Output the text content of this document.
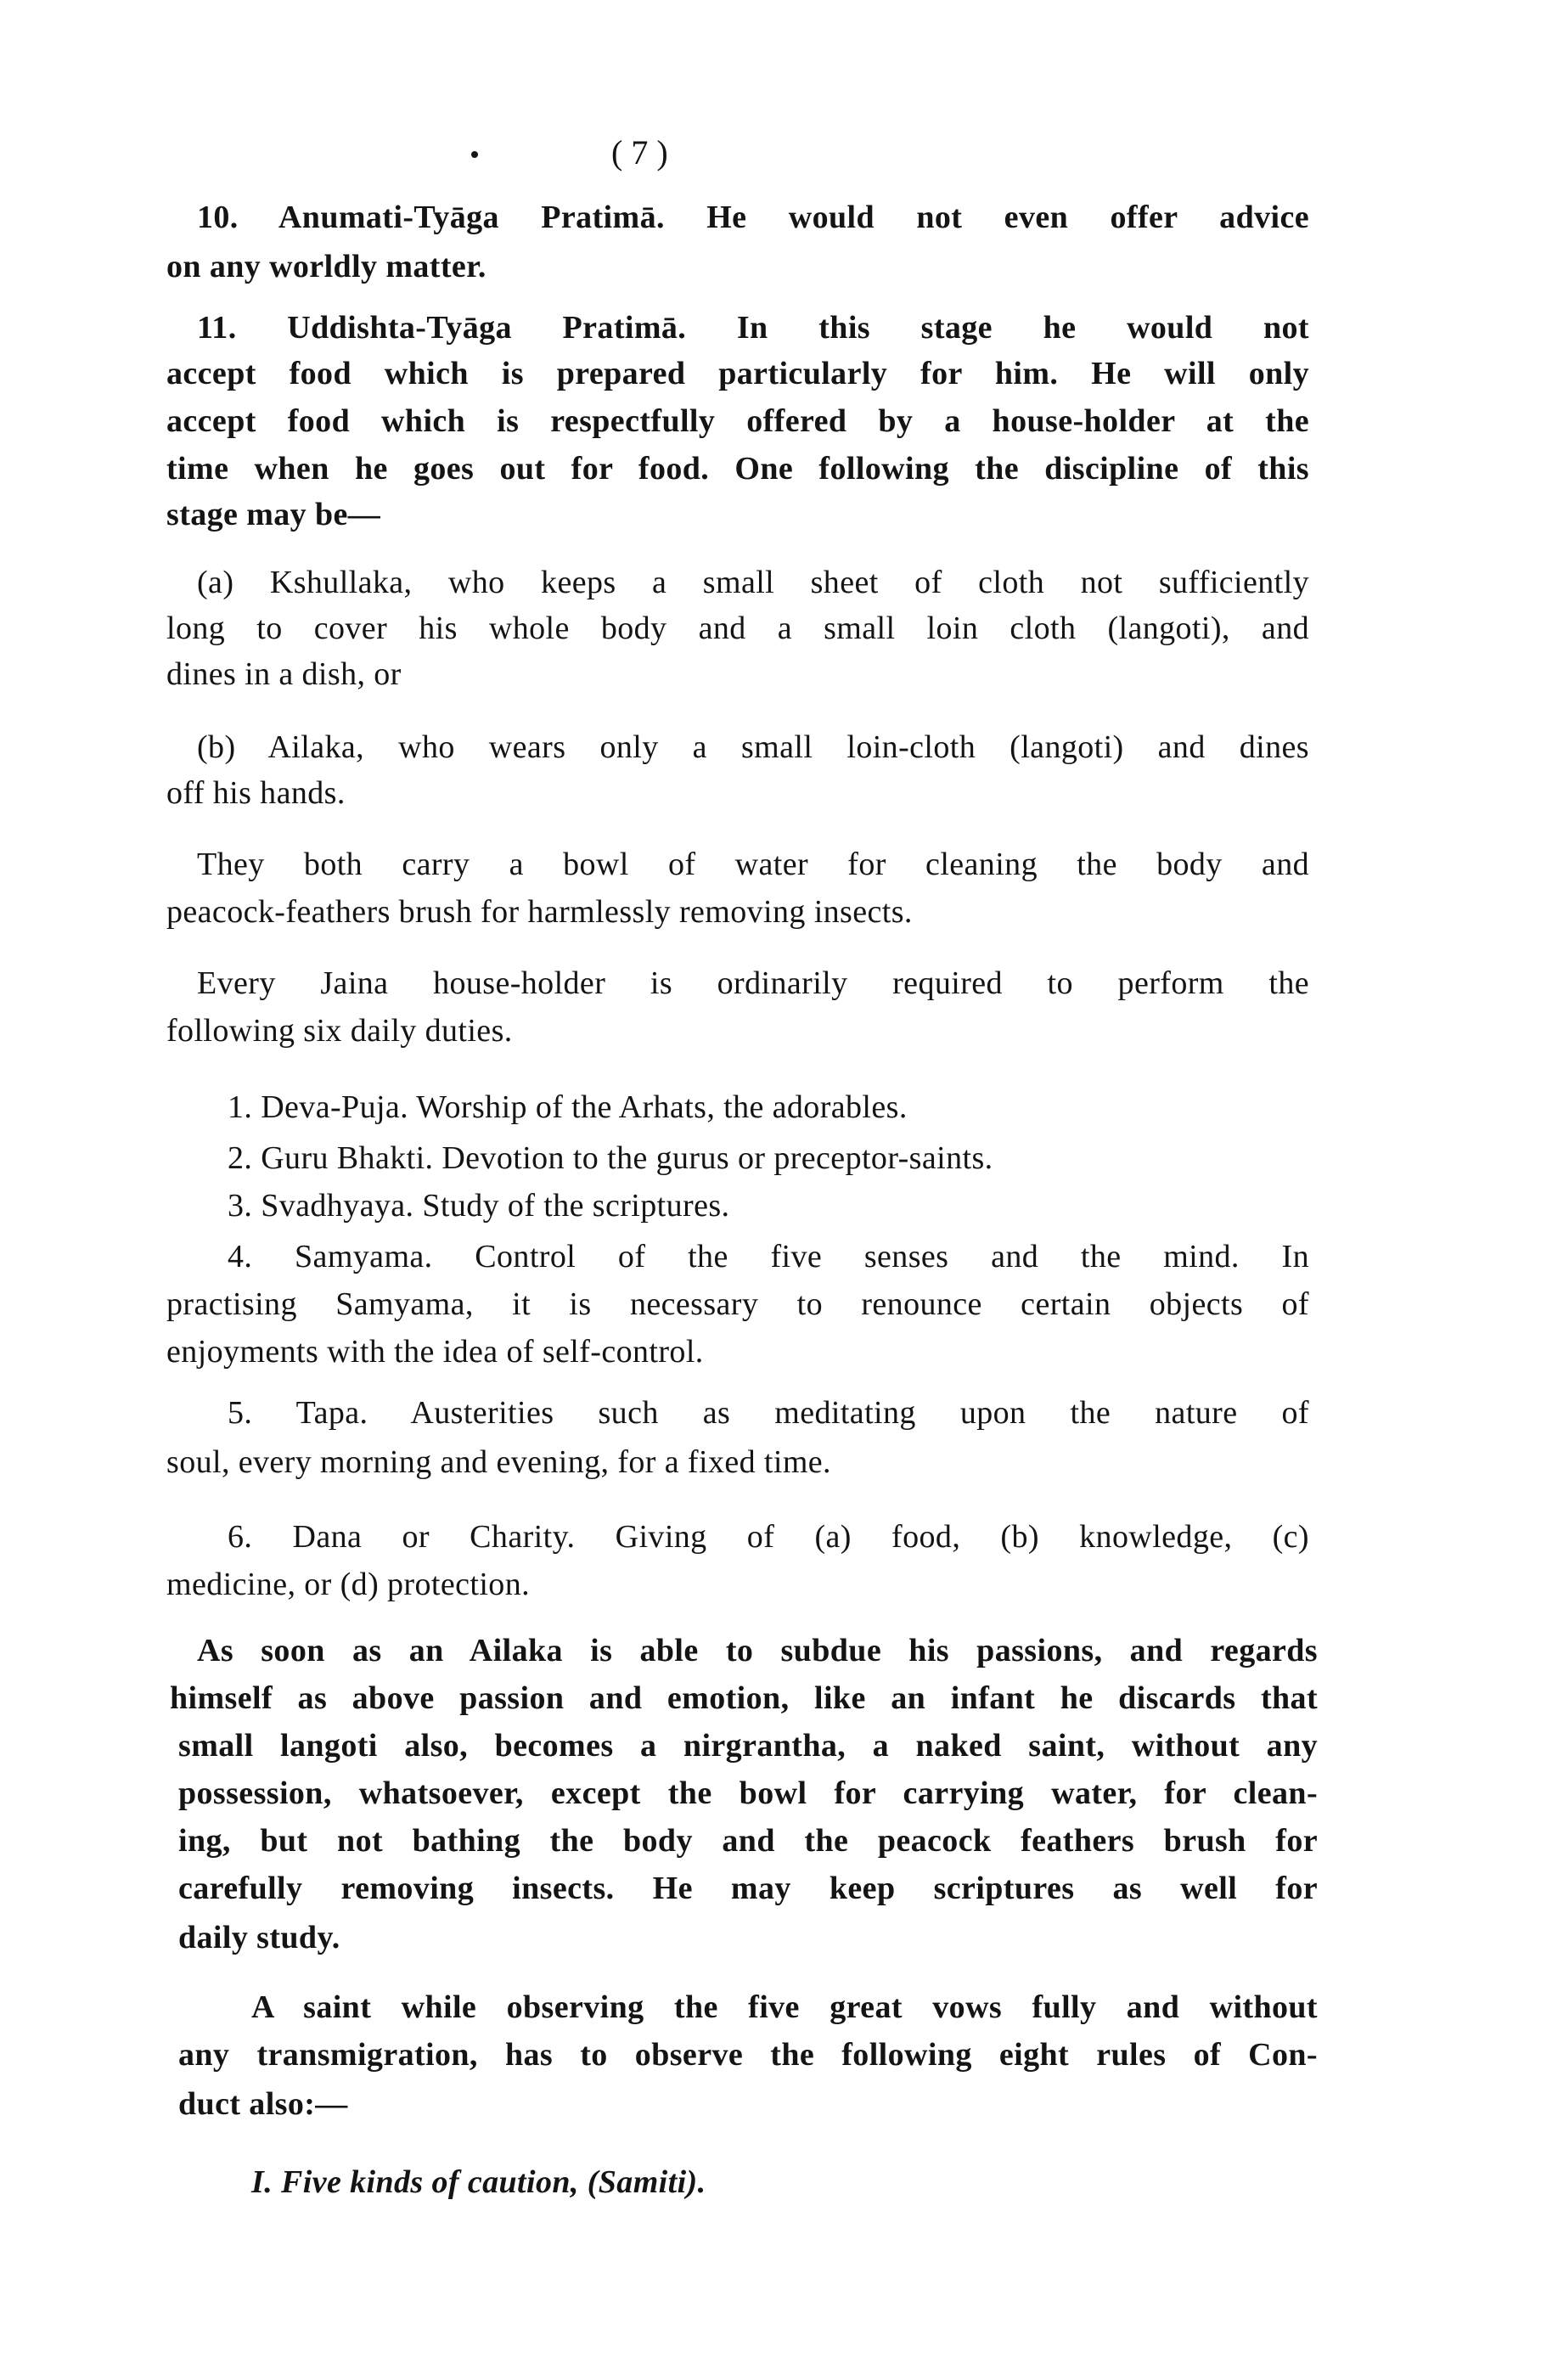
( 7 )
10. Anumati-Tyāga Pratimā. He would not even offer advice
on any worldly matter.
11. Uddishta-Tyāga Pratimā. In this stage he would not
accept food which is prepared particularly for him. He will only
accept food which is respectfully offered by a house-holder at the
time when he goes out for food. One following the discipline of this
stage may be—
(a) Kshullaka, who keeps a small sheet of cloth not sufficiently
long to cover his whole body and a small loin cloth (langoti), and
dines in a dish, or
(b) Ailaka, who wears only a small loin-cloth (langoti) and dines
off his hands.
They both carry a bowl of water for cleaning the body and
peacock-feathers brush for harmlessly removing insects.
Every Jaina house-holder is ordinarily required to perform the
following six daily duties.
1. Deva-Puja. Worship of the Arhats, the adorables.
2. Guru Bhakti. Devotion to the gurus or preceptor-saints.
3. Svadhyaya. Study of the scriptures.
4. Samyama. Control of the five senses and the mind. In
practising Samyama, it is necessary to renounce certain objects of
enjoyments with the idea of self-control.
5. Tapa. Austerities such as meditating upon the nature of
soul, every morning and evening, for a fixed time.
6. Dana or Charity. Giving of (a) food, (b) knowledge, (c)
medicine, or (d) protection.
As soon as an Ailaka is able to subdue his passions, and regards
himself as above passion and emotion, like an infant he discards that
small langoti also, becomes a nirgrantha, a naked saint, without any
possession, whatsoever, except the bowl for carrying water, for clean-
ing, but not bathing the body and the peacock feathers brush for
carefully removing insects. He may keep scriptures as well for
daily study.
A saint while observing the five great vows fully and without
any transmigration, has to observe the following eight rules of Con-
duct also:—
I. Five kinds of caution, (Samiti).
